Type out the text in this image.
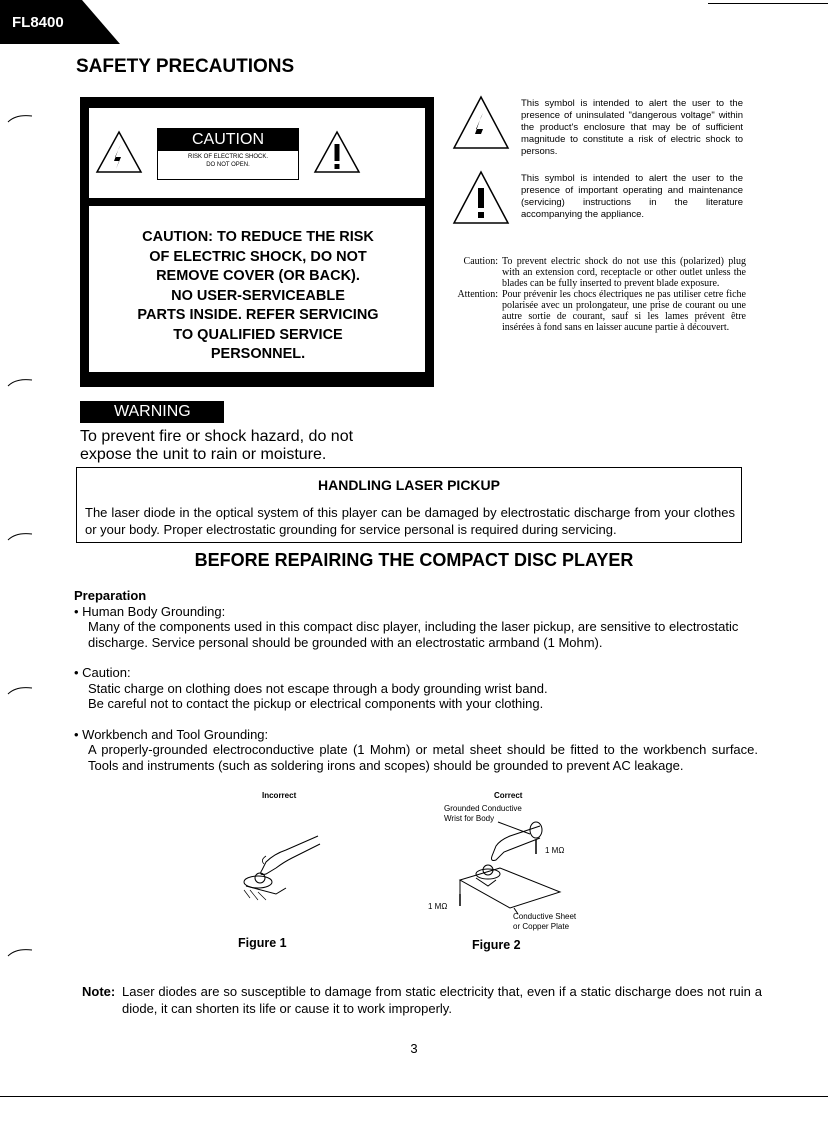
FL8400
SAFETY PRECAUTIONS
CAUTION
RISK OF ELECTRIC SHOCK.
DO NOT OPEN.
CAUTION: TO REDUCE THE RISK
OF ELECTRIC SHOCK, DO NOT
REMOVE COVER (OR BACK).
NO USER-SERVICEABLE
PARTS INSIDE. REFER SERVICING
TO QUALIFIED SERVICE
PERSONNEL.
This symbol is intended to alert the user to the presence of uninsulated "dangerous voltage" within the product's enclosure that may be of sufficient magnitude to constitute a risk of electric shock to persons.
This symbol is intended to alert the user to the presence of important operating and maintenance (servicing) instructions in the literature accompanying the appliance.
Caution: To prevent electric shock do not use this (polarized) plug with an extension cord, receptacle or other outlet unless the blades can be fully inserted to prevent blade exposure.
Attention: Pour prévenir les chocs électriques ne pas utiliser cetre fiche polarisée avec un prolongateur, une prise de courant ou une autre sortie de courant, sauf si les lames prévent être insérées à fond sans en laisser aucune partie à découvert.
WARNING
To prevent fire or shock hazard, do not
expose the unit to rain or moisture.
HANDLING LASER PICKUP
The laser diode in the optical system of this player can be damaged by electrostatic discharge from your clothes or your body. Proper electrostatic grounding for service personal is required during servicing.
BEFORE REPAIRING THE COMPACT DISC PLAYER
Preparation
• Human Body Grounding:
Many of the components used in this compact disc player, including the laser pickup, are sensitive to electrostatic discharge. Service personal should be grounded with an electrostatic armband (1 Mohm).
• Caution:
Static charge on clothing does not escape through a body grounding wrist band.
Be careful not to contact the pickup or electrical components with your clothing.
• Workbench and Tool Grounding:
A properly-grounded electroconductive plate (1 Mohm) or metal sheet should be fitted to the workbench surface. Tools and instruments (such as soldering irons and scopes) should be grounded to prevent AC leakage.
Incorrect
Figure 1
Correct
Grounded Conductive
Wrist for Body
1 MΩ
1 MΩ
Conductive Sheet
or Copper Plate
Figure 2
Note: Laser diodes are so susceptible to damage from static electricity that, even if a static discharge does not ruin a diode, it can shorten its life or cause it to work improperly.
3
